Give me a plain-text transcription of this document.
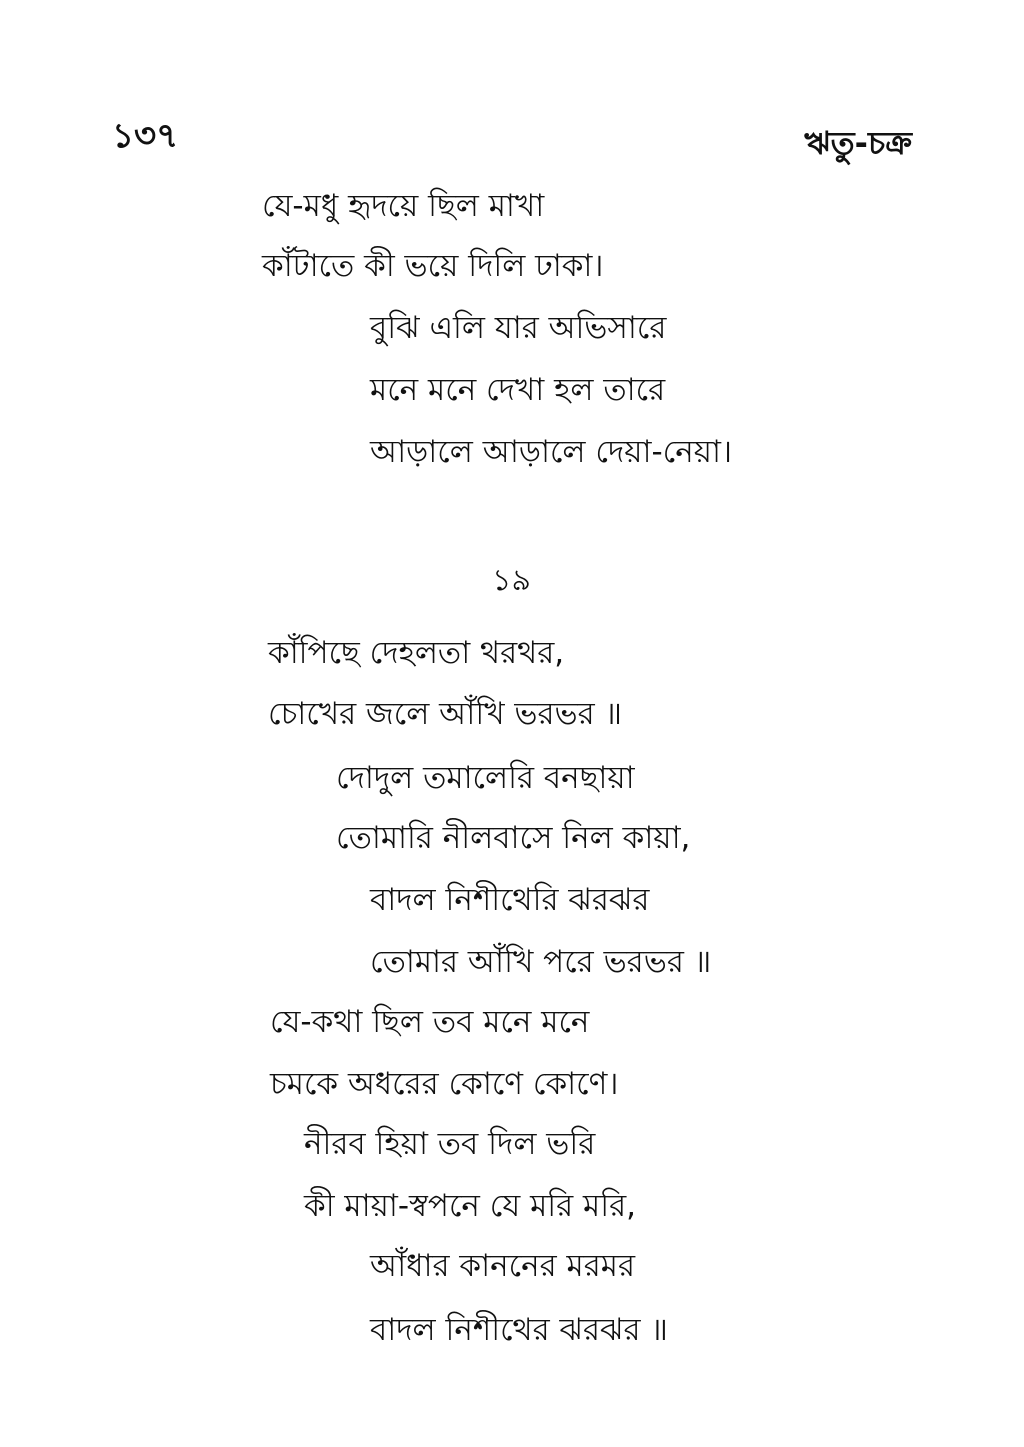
১৩৭	ঋতু-চক্র
যে-মধু হৃদয়ে ছিল মাখা
কাঁটাতে কী ভয়ে দিলি ঢাকা।
বুঝি এলি যার অভিসারে
মনে মনে দেখা হল তারে
আড়ালে আড়ালে দেয়া-নেয়া।
১৯
কাঁপিছে দেহলতা থরথর,
চোখের জলে আঁখি ভরভর ॥
দোদুল তমালেরি বনছায়া
তোমারি নীলবাসে নিল কায়া,
বাদল নিশীথেরি ঝরঝর
তোমার আঁখি পরে ভরভর ॥
যে-কথা ছিল তব মনে মনে
চমকে অধরের কোণে কোণে।
নীরব হিয়া তব দিল ভরি
কী মায়া-স্বপনে যে মরি মরি,
আঁধার কাননের মরমর
বাদল নিশীথের ঝরঝর ॥
